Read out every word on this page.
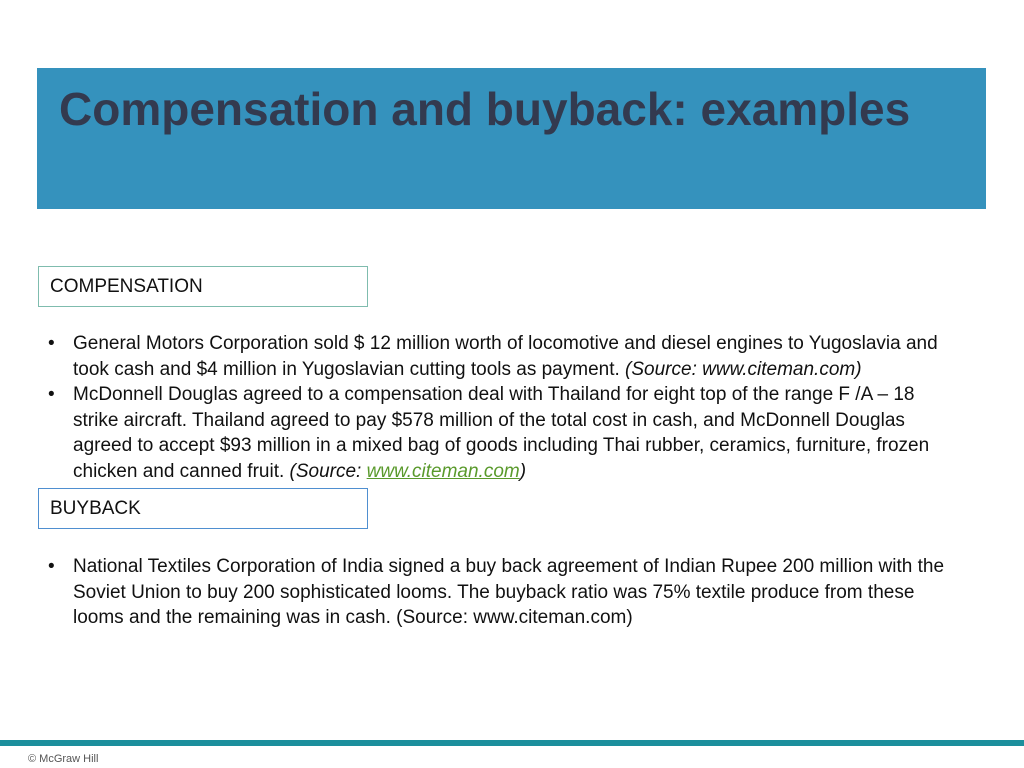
Compensation and buyback: examples
COMPENSATION
• General Motors Corporation sold $ 12 million worth of locomotive and diesel engines to Yugoslavia and took cash and $4 million in Yugoslavian cutting tools as payment. (Source: www.citeman.com)
• McDonnell Douglas agreed to a compensation deal with Thailand for eight top of the range F /A – 18 strike aircraft. Thailand agreed to pay $578 million of the total cost in cash, and McDonnell Douglas agreed to accept $93 million in a mixed bag of goods including Thai rubber, ceramics, furniture, frozen chicken and canned fruit. (Source: www.citeman.com)
BUYBACK
• National Textiles Corporation of India signed a buy back agreement of Indian Rupee 200 million with the Soviet Union to buy 200 sophisticated looms. The buyback ratio was 75% textile produce from these looms and the remaining was in cash. (Source: www.citeman.com)
© McGraw Hill
